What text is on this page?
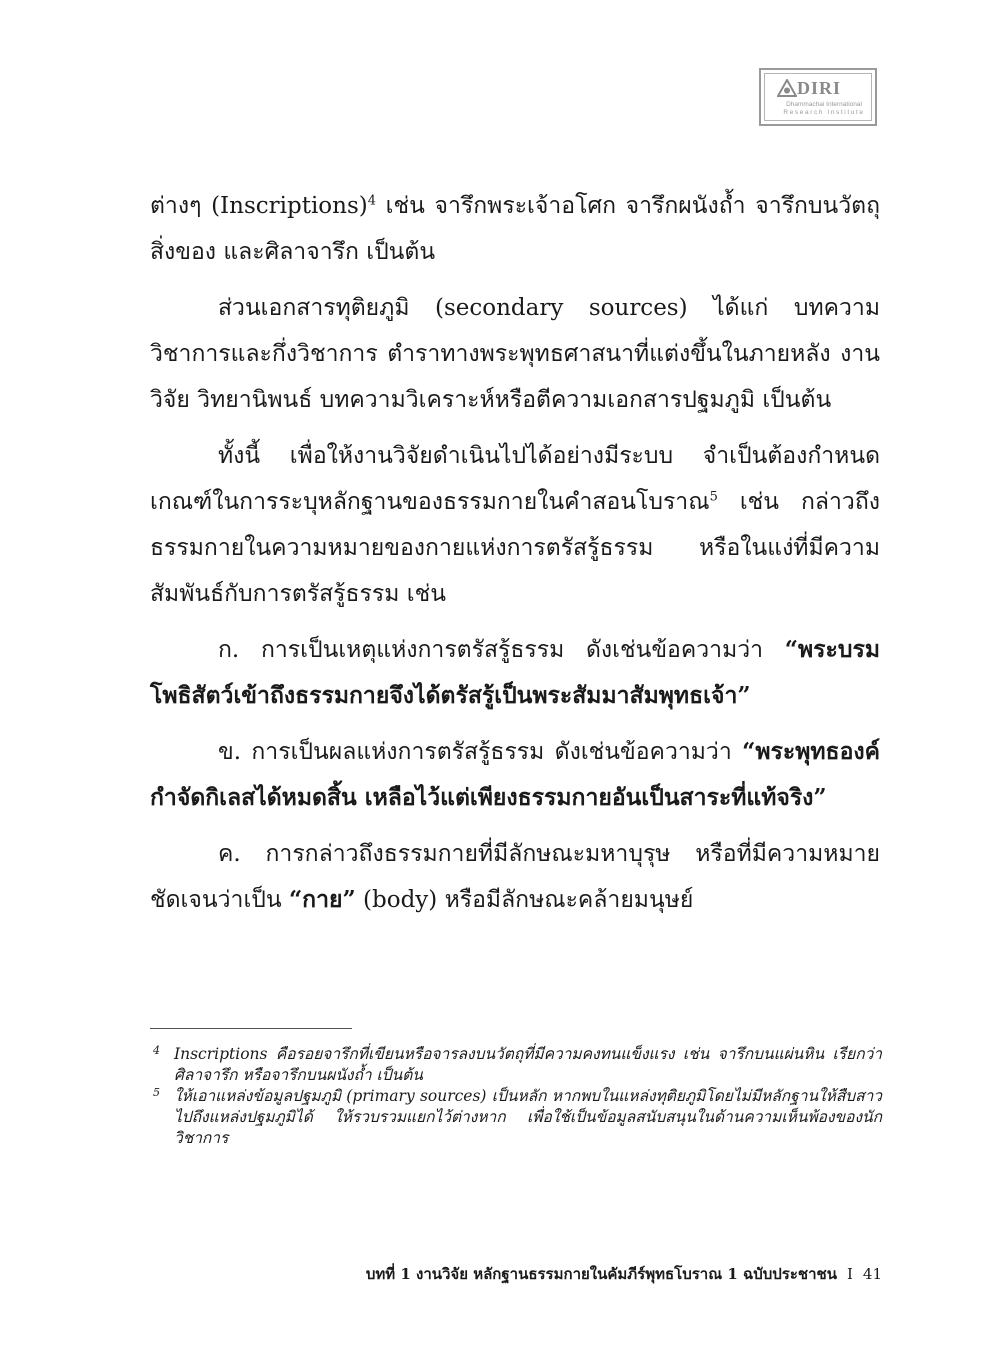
DIRI
Dhammachai International
Research Institute

ต่างๆ (Inscriptions)$^4$ เช่น จารึกพระเจ้าอโศก จารึกผนังถ้ำ จารึกบนวัตถุสิ่งของ และศิลาจารึก เป็นต้น

ส่วนเอกสารทุติยภูมิ (secondary sources) ได้แก่ บทความวิชาการและกึ่งวิชาการ ตำราทางพระพุทธศาสนาที่แต่งขึ้นในภายหลัง งานวิจัย วิทยานิพนธ์ บทความวิเคราะห์หรือตีความเอกสารปฐมภูมิ เป็นต้น

ทั้งนี้ เพื่อให้งานวิจัยดำเนินไปได้อย่างมีระบบ จำเป็นต้องกำหนดเกณฑ์ในการระบุหลักฐานของธรรมกายในคำสอนโบราณ$^5$ เช่น กล่าวถึงธรรมกายในความหมายของกายแห่งการตรัสรู้ธรรม หรือในแง่ที่มีความสัมพันธ์กับการตรัสรู้ธรรม เช่น

ก. การเป็นเหตุแห่งการตรัสรู้ธรรม ดังเช่นข้อความว่า “พระบรมโพธิสัตว์เข้าถึงธรรมกายจึงได้ตรัสรู้เป็นพระสัมมาสัมพุทธเจ้า”

ข. การเป็นผลแห่งการตรัสรู้ธรรม ดังเช่นข้อความว่า “พระพุทธองค์กำจัดกิเลสได้หมดสิ้น เหลือไว้แต่เพียงธรรมกายอันเป็นสาระที่แท้จริง”

ค. การกล่าวถึงธรรมกายที่มีลักษณะมหาบุรุษ หรือที่มีความหมายชัดเจนว่าเป็น “กาย” (body) หรือมีลักษณะคล้ายมนุษย์

4 Inscriptions คือรอยจารึกที่เขียนหรือจารลงบนวัตถุที่มีความคงทนแข็งแรง เช่น จารึกบนแผ่นหิน เรียกว่า ศิลาจารึก หรือจารึกบนผนังถ้ำ เป็นต้น
5 ให้เอาแหล่งข้อมูลปฐมภูมิ (primary sources) เป็นหลัก หากพบในแหล่งทุติยภูมิโดยไม่มีหลักฐานให้สืบสาวไปถึงแหล่งปฐมภูมิได้ ให้รวบรวมแยกไว้ต่างหาก เพื่อใช้เป็นข้อมูลสนับสนุนในด้านความเห็นพ้องของนักวิชาการ
บทที่ 1 งานวิจัย หลักฐานธรรมกายในคัมภีร์พุทธโบราณ 1 ฉบับประชาชน I 41
